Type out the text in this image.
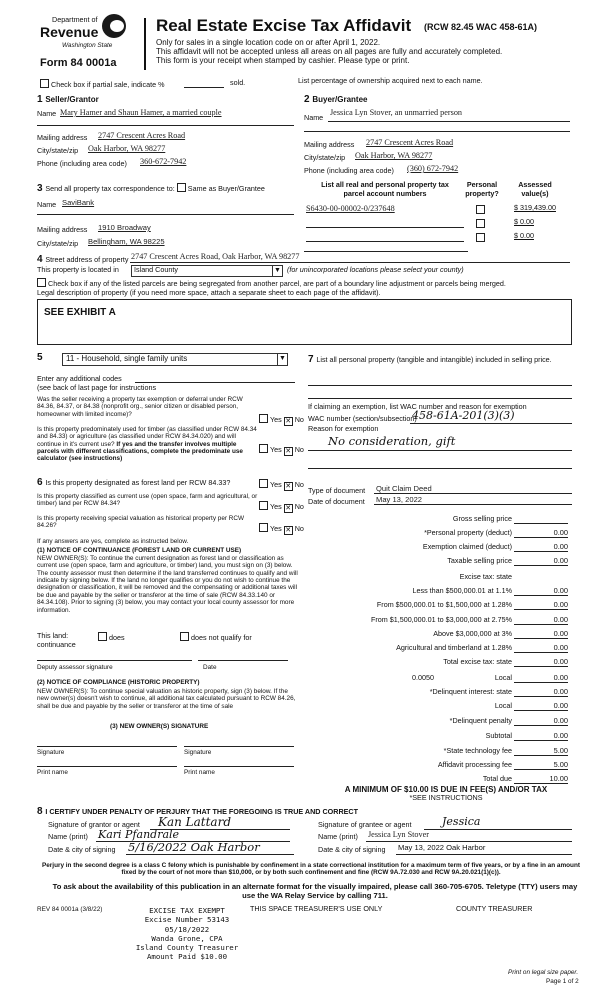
Department of
Revenue
Washington State
Form 84 0001a
Real Estate Excise Tax Affidavit (RCW 82.45 WAC 458-61A)
Only for sales in a single location code on or after April 1, 2022.
This affidavit will not be accepted unless all areas on all pages are fully and accurately completed.
This form is your receipt when stamped by cashier. Please type or print.
Check box if partial sale, indicate %	sold.	List percentage of ownership acquired next to each name.
1 Seller/Grantor
Name Mary Hamer and Shaun Hamer, a married couple
Mailing address 2747 Crescent Acres Road
City/state/zip Oak Harbor, WA 98277
Phone (including area code) 360-672-7942
2 Buyer/Grantee
Name
Jessica Lyn Stover, an unmarried person
Mailing address 2747 Crescent Acres Road
City/state/zip Oak Harbor, WA 98277
Phone (including area code) (360) 672-7942
3 Send all property tax correspondence to: Same as Buyer/Grantee
Name SaviBank
Mailing address 1910 Broadway
City/state/zip Bellingham, WA 98225
List all real and personal property tax parcel account numbers
Personal property?
Assessed value(s)
S6430-00-00002-0/237648	$ 319,439.00
$ 0.00
$ 0.00
4 Street address of property 2747 Crescent Acres Road, Oak Harbor, WA 98277
This property is located in	Island County	▼ (for unincorporated locations please select your county)
Check box if any of the listed parcels are being segregated from another parcel, are part of a boundary line adjustment or parcels being merged.
Legal description of property (if you need more space, attach a separate sheet to each page of the affidavit).
SEE EXHIBIT A
5	11 - Household, single family units	▼
Enter any additional codes
(see back of last page for instructions
Was the seller receiving a property tax exemption or deferral under RCW 84.36, 84.37, or 84.38 (nonprofit org., senior citizen or disabled person, homeowner with limited income)?
Yes ✕ No
Is this property predominately used for timber (as classified under RCW 84.34 and 84.33) or agriculture (as classified under RCW 84.34.020) and will continue in it's current use? If yes and the transfer involves multiple parcels with different classifications, complete the predominate use calculator (see instructions)
Yes ✕ No
6 Is this property designated as forest land per RCW 84.33?	Yes ✕ No
Is this property classified as current use (open space, farm and agricultural, or timber) land per RCW 84.34?	Yes ✕ No
Is this property receiving special valuation as historical property per RCW 84.26?	Yes ✕ No
If any answers are yes, complete as instructed below.
(1) NOTICE OF CONTINUANCE (FOREST LAND OR CURRENT USE)
NEW OWNER(S): To continue the current designation as forest land or classification as current use (open space, farm and agriculture, or timber) land, you must sign on (3) below. The county assessor must then determine if the land transferred continues to qualify and will indicate by signing below. If the land no longer qualifies or you do not wish to continue the designation or classification, it will be removed and the compensating or additional taxes will be due and payable by the seller or transferor at the time of sale (RCW 84.33.140 or 84.34.108). Prior to signing (3) below, you may contact your local county assessor for more information.
This land:	does	does not qualify for
continuance
Deputy assessor signature	Date
(2) NOTICE OF COMPLIANCE (HISTORIC PROPERTY)
NEW OWNER(S): To continue special valuation as historic property, sign (3) below. If the new owner(s) doesn't wish to continue, all additional tax calculated pursuant to RCW 84.26, shall be due and payable by the seller or transferor at the time of sale
(3) NEW OWNER(S) SIGNATURE
Signature	Signature
Print name	Print name
7 List all personal property (tangible and intangible) included in selling price.
If claiming an exemption, list WAC number and reason for exemption
WAC number (section/subsection)
458-61A-201(3)(3)
Reason for exemption
No consideration, gift
Type of document Quit Claim Deed
Date of document May 13, 2022
Gross selling price
*Personal property (deduct)	0.00
Exemption claimed (deduct)	0.00
Taxable selling price	0.00
Excise tax: state
Less than $500,000.01 at 1.1%	0.00
From $500,000.01 to $1,500,000 at 1.28%	0.00
From $1,500,000.01 to $3,000,000 at 2.75%	0.00
Above $3,000,000 at 3%	0.00
Agricultural and timberland at 1.28%	0.00
Total excise tax: state	0.00
0.0050	Local	0.00
*Delinquent interest: state	0.00
Local	0.00
*Delinquent penalty	0.00
Subtotal	0.00
*State technology fee	5.00
Affidavit processing fee	5.00
Total due	10.00
A MINIMUM OF $10.00 IS DUE IN FEE(S) AND/OR TAX
*SEE INSTRUCTIONS
8 I CERTIFY UNDER PENALTY OF PERJURY THAT THE FOREGOING IS TRUE AND CORRECT
Signature of grantor or agent Kan Lattard
Name (print) Kari Pfandrale
Date & city of signing 5/16/2022 Oak Harbor
Signature of grantee or agent	Jessica
Name (print) Jessica Lyn Stover
Date & city of signing May 13, 2022 Oak Harbor
Perjury in the second degree is a class C felony which is punishable by confinement in a state correctional institution for a maximum term of five years, or by a fine in an amount fixed by the court of not more than $10,000, or by both such confinement and fine (RCW 9A.72.030 and RCW 9A.20.021(1)(c)).
To ask about the availability of this publication in an alternate format for the visually impaired, please call 360-705-6705. Teletype (TTY) users may use the WA Relay Service by calling 711.
REV 84 0001a (3/8/22)	EXCISE TAX EXEMPT
Excise Number 53143
05/18/2022
Wanda Grone, CPA
Island County Treasurer
Amount Paid $10.00
THIS SPACE TREASURER'S USE ONLY	COUNTY TREASURER
Print on legal size paper.
Page 1 of 2
